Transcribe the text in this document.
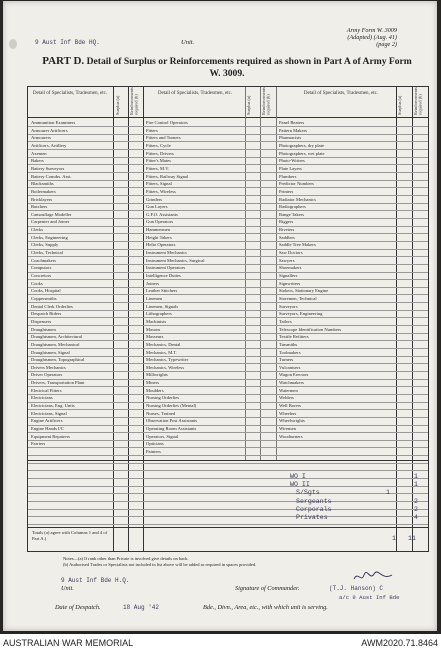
9 Aust Inf Bde HQ.	Unit.
Army Form W. 3009
(Adapted) (Aug. 41)
(page 2)
PART D. Detail of Surplus or Reinforcements required as shown in Part A of Army Form W. 3009.
Detail of Specialists, Tradesmen, etc.
Surplus (a)	Reinforcements required (b)
Detail of Specialists, Tradesmen, etc.
Surplus (a)	Reinforcements required (b)
Detail of Specialists, Tradesmen, etc.
Surplus (a)	Reinforcements required (b)
Ammunition Examiners
Armourer Artificers
Armourers
Artificers, Artillery
Axemen
Bakers
Battery Surveyors
Battery Comdrs. Asst.
Blacksmiths
Boilermakers
Bricklayers
Butchers
Camouflage Modeller
Carpenter and Joiner
Clerks
Clerks, Engineering
Clerks, Supply
Clerks, Technical
Coachmakers
Computors
Concretors
Cooks
Cooks, Hospital
Coppersmiths
Dental Clerk Orderlies
Despatch Riders
Dispensers
Draughtsmen
Draughtsmen, Architectural
Draughtsmen, Mechanical
Draughtsmen, Signal
Draughtsmen, Topographical
Drivers Mechanics
Driver Operators
Drivers, Transportation Plant
Electrical Fitters
Electricians
Electricians, Eng. Units
Electricians, Signal
Engine Artificers
Engine Hands I/C
Equipment Repairers
Farriers
Fire Control Operators
Fitters
Fitters and Turners
Fitters, Cycle
Fitters, Drivers
Fitter's Mates
Fitters, M.V.
Fitters, Railway Signal
Fitters, Signal
Fitters, Wireless
Grinders
Gun Layers
G.F.O. Assistants
Gun Operators
Hammermen
Height Takers
Helio Operators
Instrument Mechanics
Instrument Mechanics, Surgical
Instrument Operators
Intelligence Duties
Joiners
Leather Stitchers
Linemen
Linemen, Signals
Lithographers
Machinists
Masons
Masseurs
Mechanics, Dental
Mechanics, M.T.
Mechanics, Typewriter
Mechanics, Wireless
Millwrights
Miners
Moulders
Nursing Orderlies
Nursing Orderlies (Mental)
Nurses, Trained
Observation Post Assistants
Operating Room Assistants
Operators, Signal
Opticians
Painters
Panel Beaters
Pattern Makers
Pharmacists
Photographers, dry plate
Photographers, wet plate
Photo-Writers
Plate Layers
Plumbers
Predictor Numbers
Printers
Radiator Mechanics
Radiographers
Range Takers
Riggers
Riveters
Saddlers
Saddle Tree Makers
Saw Doctors
Sawyers
Shoemakers
Signallers
Signwriters
Stokers, Stationary Engine
Storemen, Technical
Surveyors
Surveyors, Engineering
Tailors
Telescope Identification Numbers
Textile Refitters
Tinsmiths
Toolmakers
Turners
Vulcanisers
Wagon Erectors
Watchmakers
Watermen
Welders
Well Borers
Wheelers
Wheelwrights
Wiremen
Woodturners
WO I	1
WO II	1
S/Sgts	1
Sergeants	2
Corporals	2
Privates	4
Totals (a) agree with Columns 1 and 4 of Part A.)	1 11
Notes—(a) If rank other than Private is involved give details on back.
(b) Authorised Trades or Specialists not included in list above will be added as required in spaces provided.
9 Aust Inf Bde H.Q.
Unit.	Signature of Commander.	(T.J. Hanson) C
a/c 9 Aust Inf Bde
Date of Despatch.	18 Aug '42	Bde., Divn., Area, etc., with which unit is serving.
AUSTRALIAN WAR MEMORIAL	AWM2020.71.8464
